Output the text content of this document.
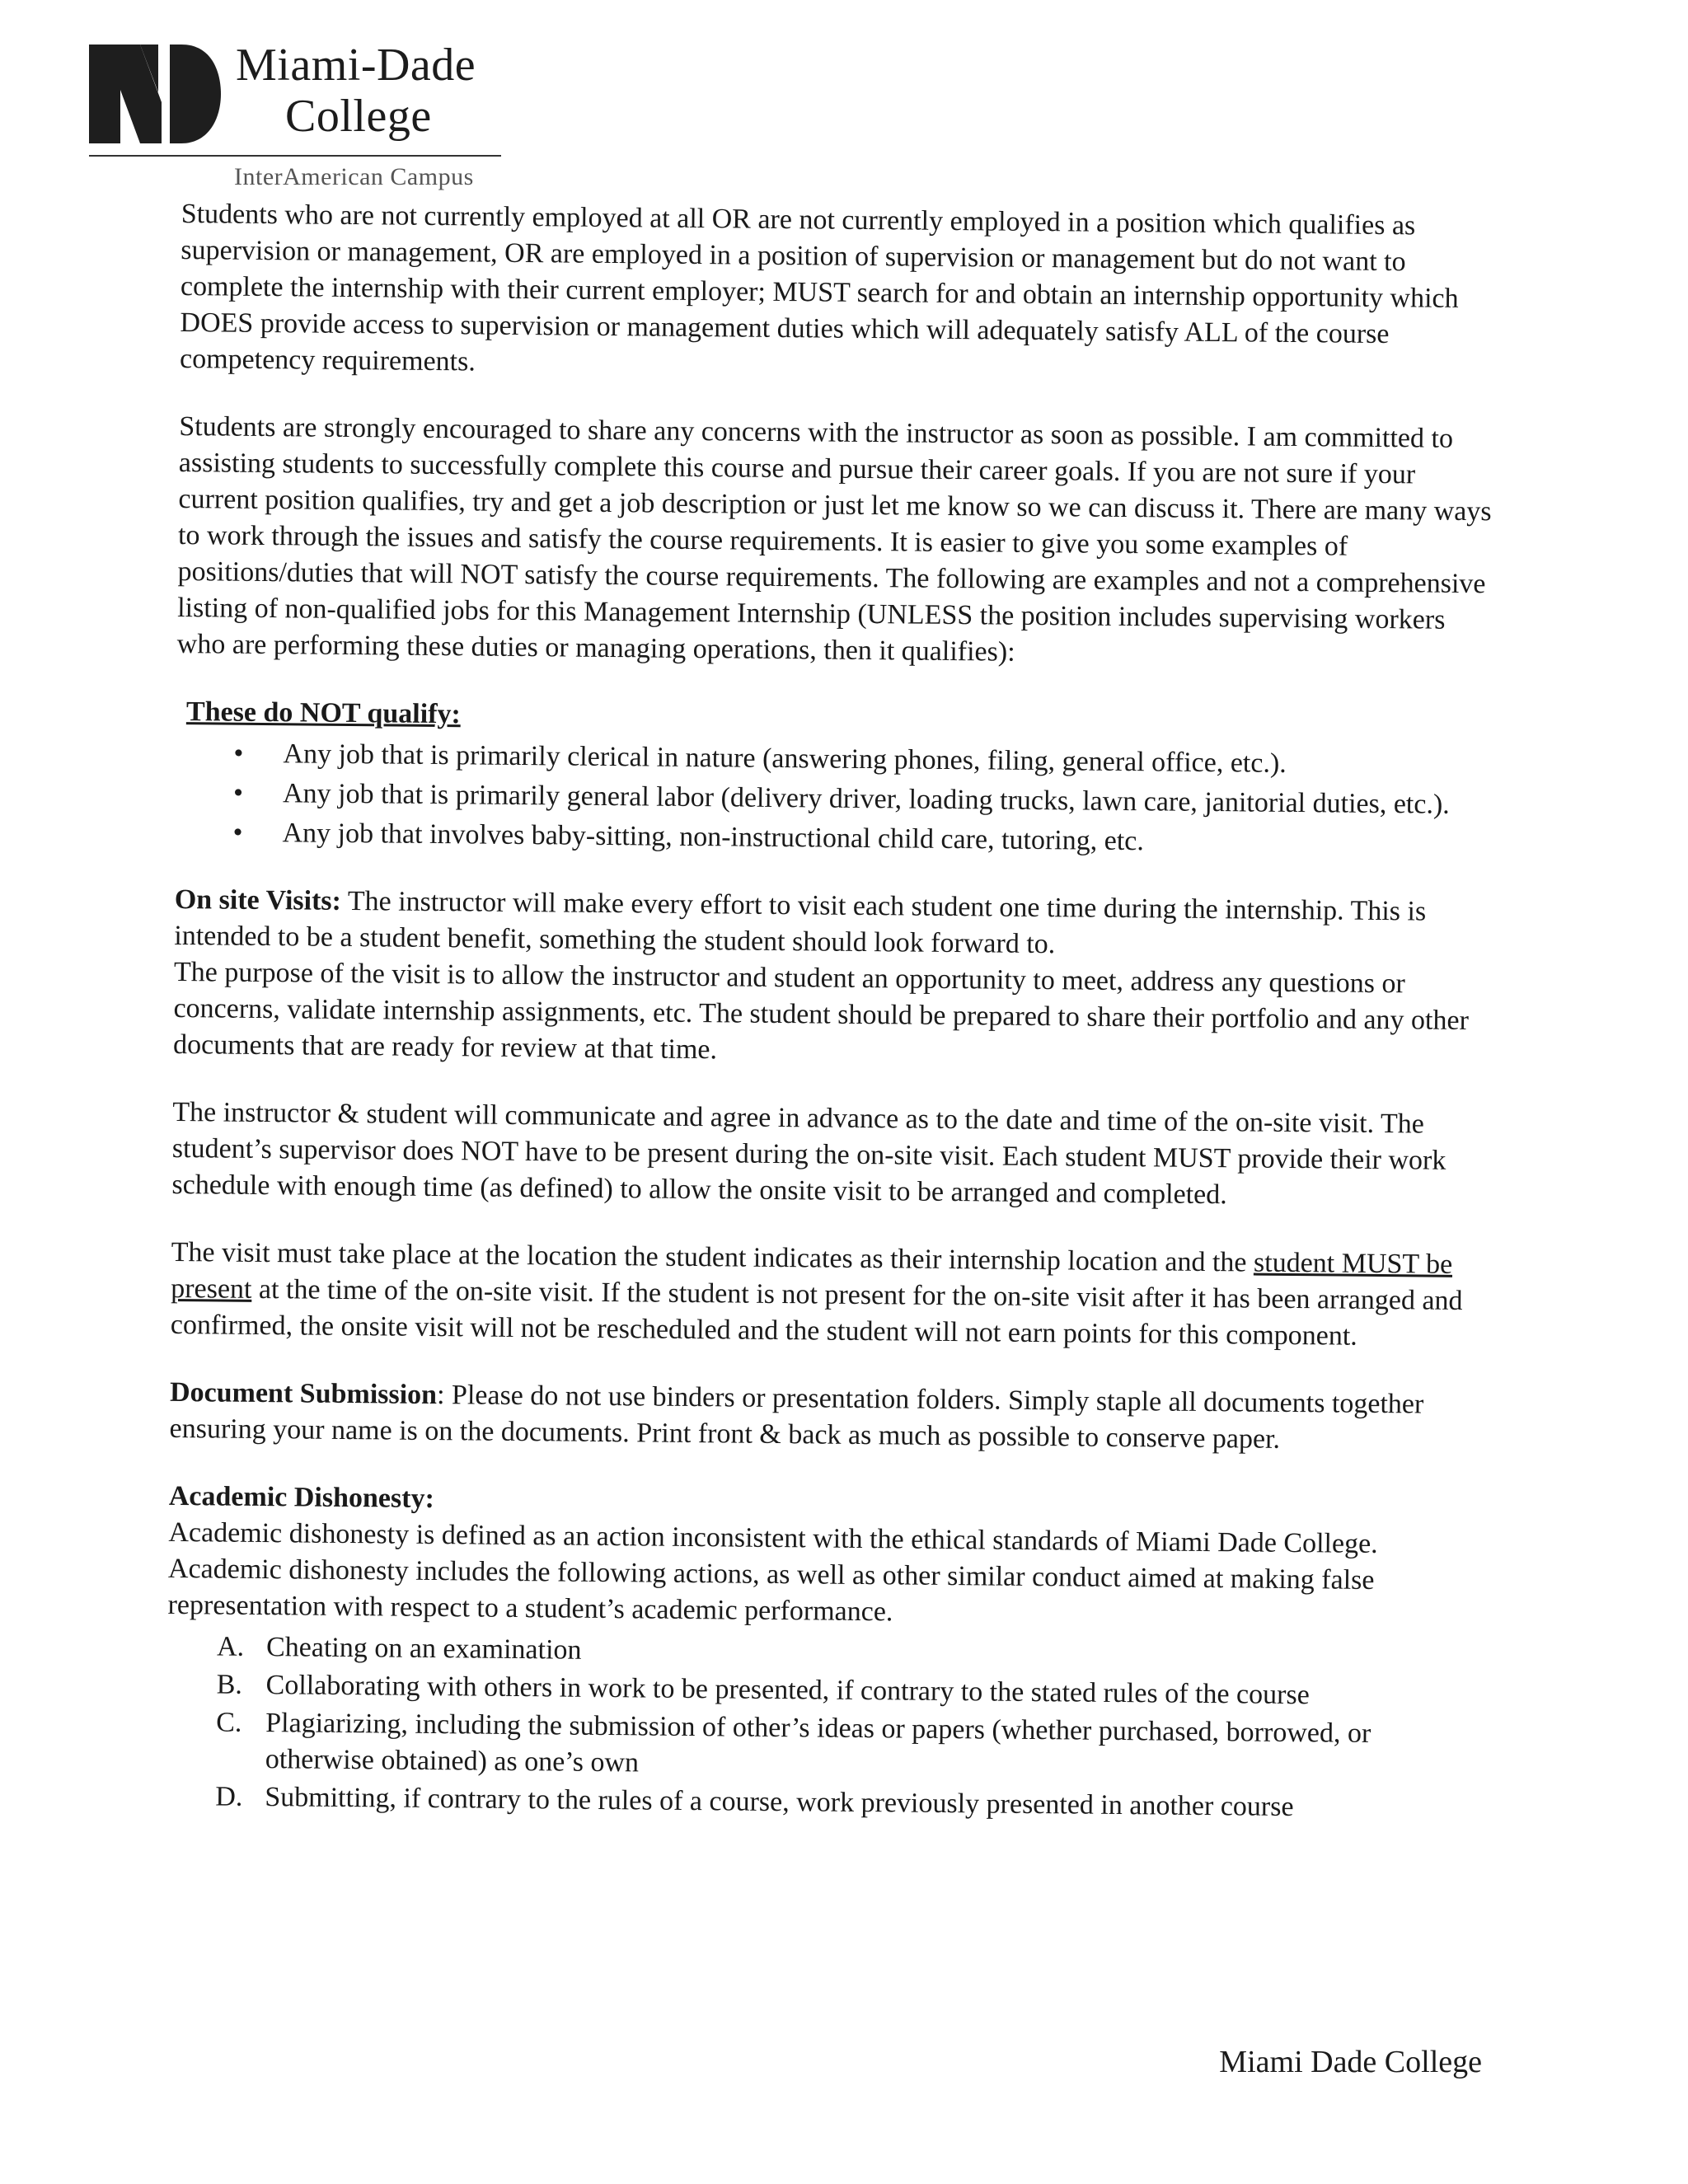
Miami-Dade
College
InterAmerican Campus

Students who are not currently employed at all OR are not currently employed in a position which qualifies as supervision or management, OR are employed in a position of supervision or management but do not want to complete the internship with their current employer; MUST search for and obtain an internship opportunity which DOES provide access to supervision or management duties which will adequately satisfy ALL of the course competency requirements.

Students are strongly encouraged to share any concerns with the instructor as soon as possible. I am committed to assisting students to successfully complete this course and pursue their career goals. If you are not sure if your current position qualifies, try and get a job description or just let me know so we can discuss it. There are many ways to work through the issues and satisfy the course requirements. It is easier to give you some examples of positions/duties that will NOT satisfy the course requirements. The following are examples and not a comprehensive listing of non-qualified jobs for this Management Internship (UNLESS the position includes supervising workers who are performing these duties or managing operations, then it qualifies):

These do NOT qualify:
• Any job that is primarily clerical in nature (answering phones, filing, general office, etc.).
• Any job that is primarily general labor (delivery driver, loading trucks, lawn care, janitorial duties, etc.).
• Any job that involves baby-sitting, non-instructional child care, tutoring, etc.

On site Visits: The instructor will make every effort to visit each student one time during the internship. This is intended to be a student benefit, something the student should look forward to.
The purpose of the visit is to allow the instructor and student an opportunity to meet, address any questions or concerns, validate internship assignments, etc. The student should be prepared to share their portfolio and any other documents that are ready for review at that time.

The instructor & student will communicate and agree in advance as to the date and time of the on-site visit. The student’s supervisor does NOT have to be present during the on-site visit. Each student MUST provide their work schedule with enough time (as defined) to allow the onsite visit to be arranged and completed.

The visit must take place at the location the student indicates as their internship location and the student MUST be present at the time of the on-site visit. If the student is not present for the on-site visit after it has been arranged and confirmed, the onsite visit will not be rescheduled and the student will not earn points for this component.

Document Submission: Please do not use binders or presentation folders. Simply staple all documents together ensuring your name is on the documents. Print front & back as much as possible to conserve paper.

Academic Dishonesty:

Academic dishonesty is defined as an action inconsistent with the ethical standards of Miami Dade College. Academic dishonesty includes the following actions, as well as other similar conduct aimed at making false representation with respect to a student’s academic performance.

A. Cheating on an examination
B. Collaborating with others in work to be presented, if contrary to the stated rules of the course
C. Plagiarizing, including the submission of other’s ideas or papers (whether purchased, borrowed, or otherwise obtained) as one’s own
D. Submitting, if contrary to the rules of a course, work previously presented in another course
Miami Dade College
